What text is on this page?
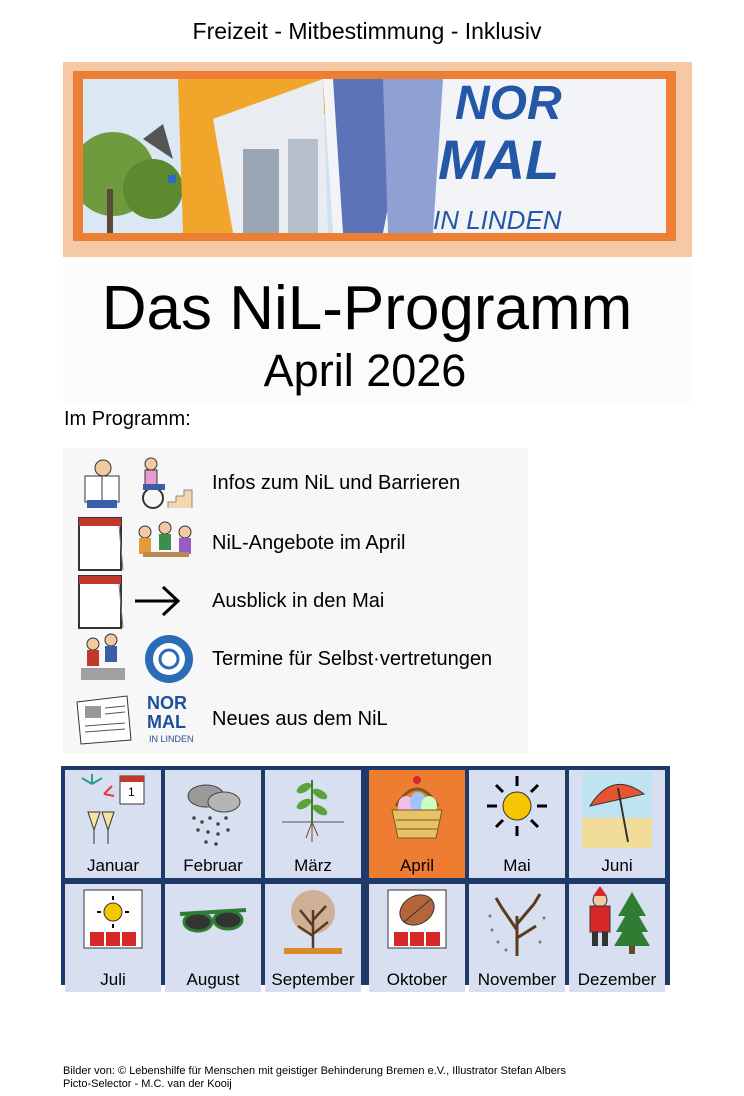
Freizeit - Mitbestimmung - Inklusiv
NOR
MAL
IN LINDEN
Das NiL-Programm
April 2026
Im Programm:
Infos zum NiL und Barrieren
NiL-Angebote im April
Ausblick in den Mai
Termine für Selbst·vertretungen
NOR
MAL
IN LINDEN
Neues aus dem NiL
1
Januar	Februar	März	April	Mai	Juni
Juli	August	September	Oktober	November	Dezember
Bilder von: © Lebenshilfe für Menschen mit geistiger Behinderung Bremen e.V., Illustrator Stefan Albers
Picto-Selector - M.C. van der Kooij
